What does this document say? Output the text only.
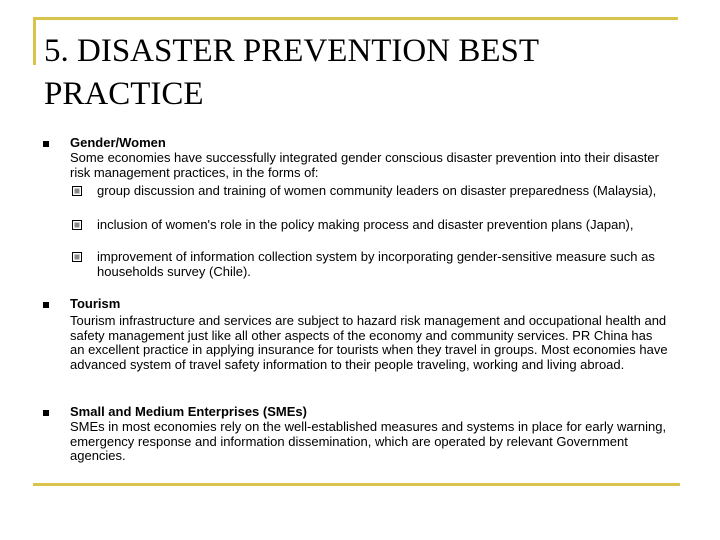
5. DISASTER PREVENTION BEST PRACTICE
Gender/Women

Some economies have successfully integrated gender conscious disaster prevention into their disaster risk management practices, in the forms of:

group discussion and training of women community leaders on disaster preparedness (Malaysia),

inclusion of women's role in the policy making process and disaster prevention plans (Japan),

improvement of information collection system by incorporating gender-sensitive measure such as households survey (Chile).

Tourism

Tourism infrastructure and services are subject to hazard risk management and occupational health and safety management just like all other aspects of the economy and community services. PR China has an excellent practice in applying insurance for tourists when they travel in groups. Most economies have advanced system of travel safety information to their people traveling, working and living abroad.

Small and Medium Enterprises (SMEs)

SMEs in most economies rely on the well-established measures and systems in place for early warning, emergency response and information dissemination, which are operated by relevant Government agencies.
